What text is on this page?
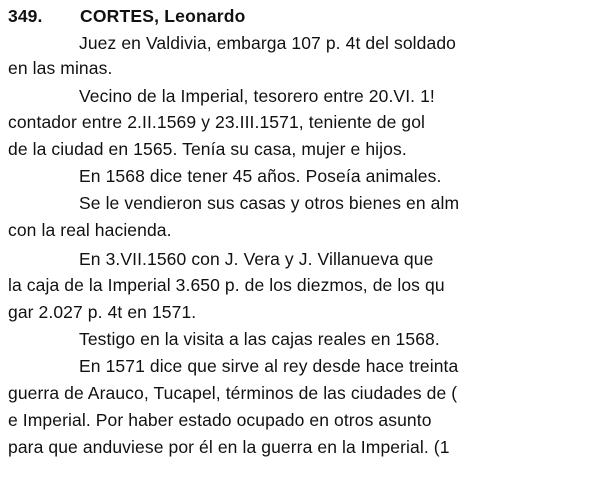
349. CORTES, Leonardo
Juez en Valdivia, embarga 107 p. 4t del soldado
en las minas.
Vecino de la Imperial, tesorero entre 20.VI. 1!
contador entre 2.II.1569 y 23.III.1571, teniente de gol
de la ciudad en 1565. Tenía su casa, mujer e hijos.
En 1568 dice tener 45 años. Poseía animales.
Se le vendieron sus casas y otros bienes en alm
con la real hacienda.
En 3.VII.1560 con J. Vera y J. Villanueva que
la caja de la Imperial 3.650 p. de los diezmos, de los qu
gar 2.027 p. 4t en 1571.
Testigo en la visita a las cajas reales en 1568.
En 1571 dice que sirve al rey desde hace treinta
guerra de Arauco, Tucapel, términos de las ciudades de (
e Imperial. Por haber estado ocupado en otros asunto
para que anduviese por él en la guerra en la Imperial. (1
